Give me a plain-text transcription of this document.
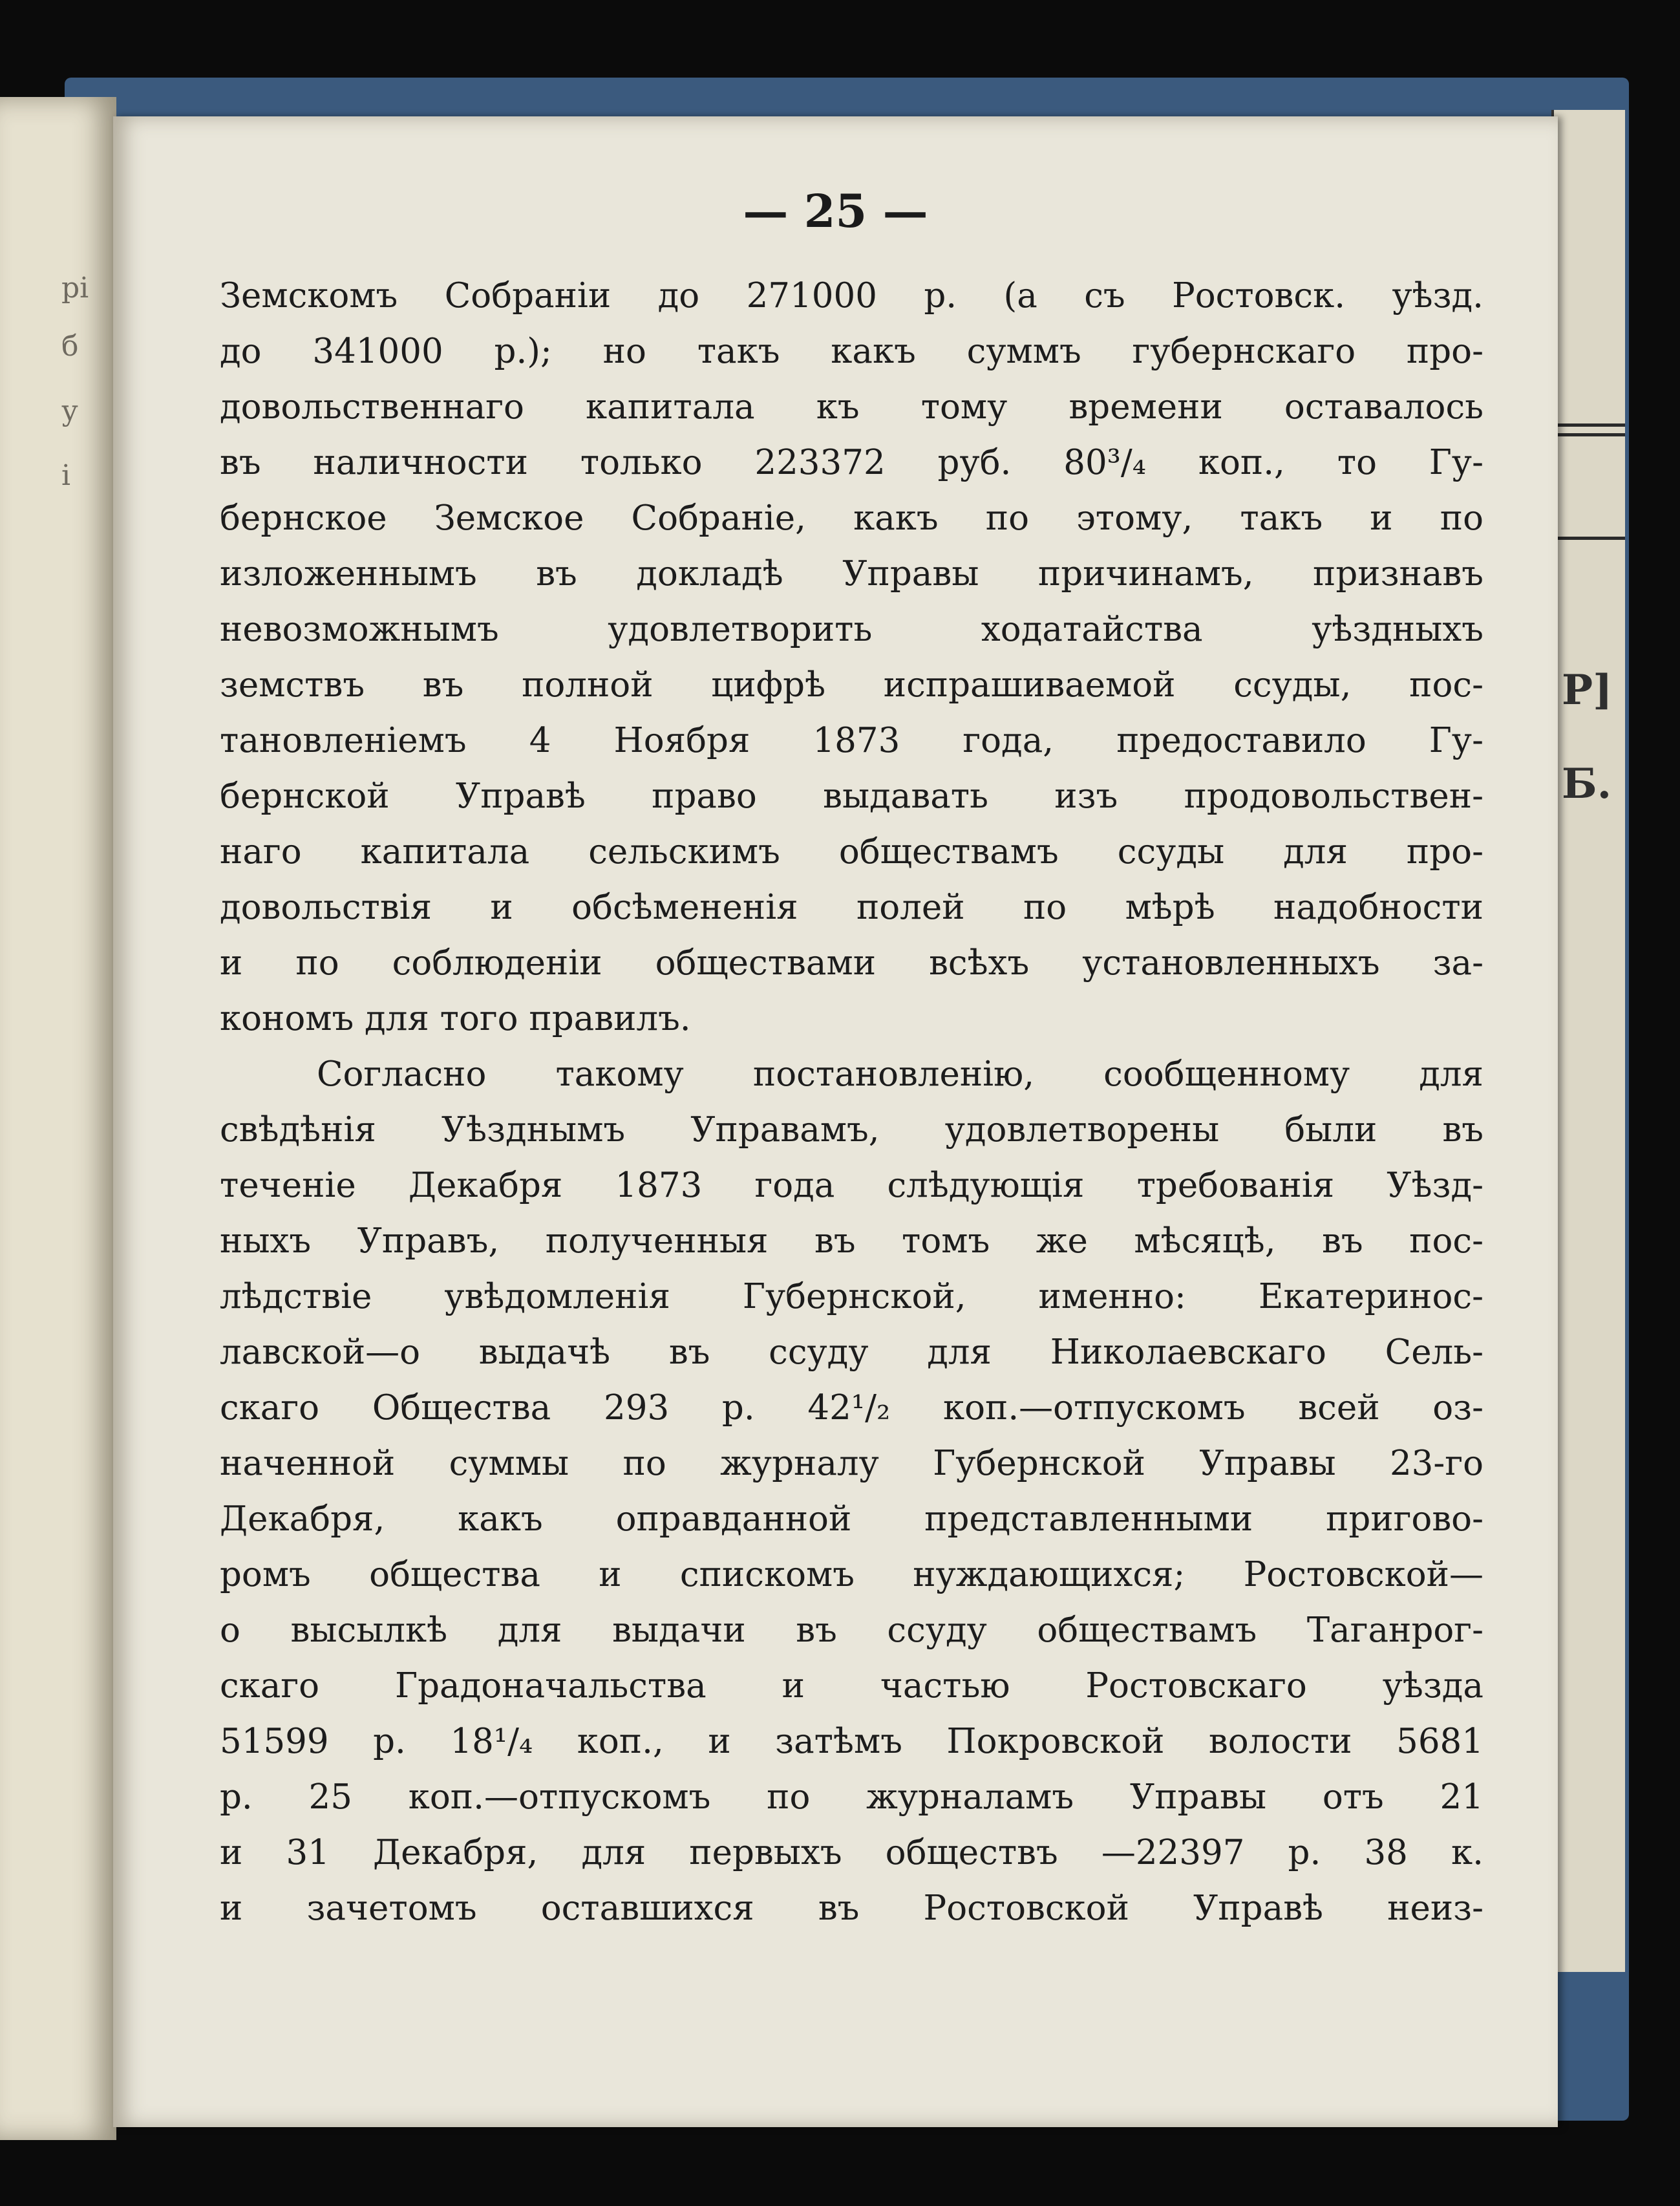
рі
б
у
і
Р]
Б.
— 25 —
Земскомъ Собраніи до 271000 р. (а съ Ростовск. уѣзд.
до 341000 р.); но такъ какъ суммъ губернскаго про-
довольственнаго капитала къ тому времени оставалось
въ наличности только 223372 руб. 80³/₄ коп., то Гу-
бернское Земское Собраніе, какъ по этому, такъ и по
изложеннымъ въ докладѣ Управы причинамъ, признавъ
невозможнымъ удовлетворить ходатайства уѣздныхъ
земствъ въ полной цифрѣ испрашиваемой ссуды, пос-
тановленіемъ 4 Ноября 1873 года, предоставило Гу-
бернской Управѣ право выдавать изъ продовольствен-
наго капитала сельскимъ обществамъ ссуды для про-
довольствія и обсѣмененія полей по мѣрѣ надобности
и по соблюденіи обществами всѣхъ установленныхъ за-
кономъ для того правилъ.
Согласно такому постановленію, сообщенному для
свѣдѣнія Уѣзднымъ Управамъ, удовлетворены были въ
теченіе Декабря 1873 года слѣдующія требованія Уѣзд-
ныхъ Управъ, полученныя въ томъ же мѣсяцѣ, въ пос-
лѣдствіе увѣдомленія Губернской, именно: Екатеринос-
лавской—о выдачѣ въ ссуду для Николаевскаго Сель-
скаго Общества 293 р. 42¹/₂ коп.—отпускомъ всей оз-
наченной суммы по журналу Губернской Управы 23-го
Декабря, какъ оправданной представленными пригово-
ромъ общества и спискомъ нуждающихся; Ростовской—
о высылкѣ для выдачи въ ссуду обществамъ Таганрог-
скаго Градоначальства и частью Ростовскаго уѣзда
51599 р. 18¹/₄ коп., и затѣмъ Покровской волости 5681
р. 25 коп.—отпускомъ по журналамъ Управы отъ 21
и 31 Декабря, для первыхъ обществъ —22397 р. 38 к.
и зачетомъ оставшихся въ Ростовской Управѣ неиз-
